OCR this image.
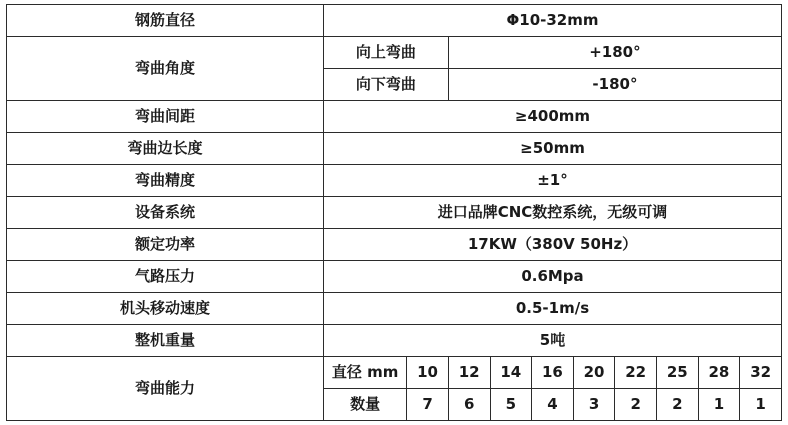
钢筋直径	Φ10-32mm									
弯曲角度	向上弯曲		+180°							
	向下弯曲		-180°							
弯曲间距	≥400mm									
弯曲边长度	≥50mm									
弯曲精度	±1°									
设备系统	进口品牌CNC数控系统，无级可调									
额定功率	17KW（380V 50Hz）									
气路压力	0.6Mpa									
机头移动速度	0.5-1m/s									
整机重量	5吨									
弯曲能力	直径 mm	10	12	14	16	20	22	25	28	32
	数量	7	6	5	4	3	2	2	1	1
